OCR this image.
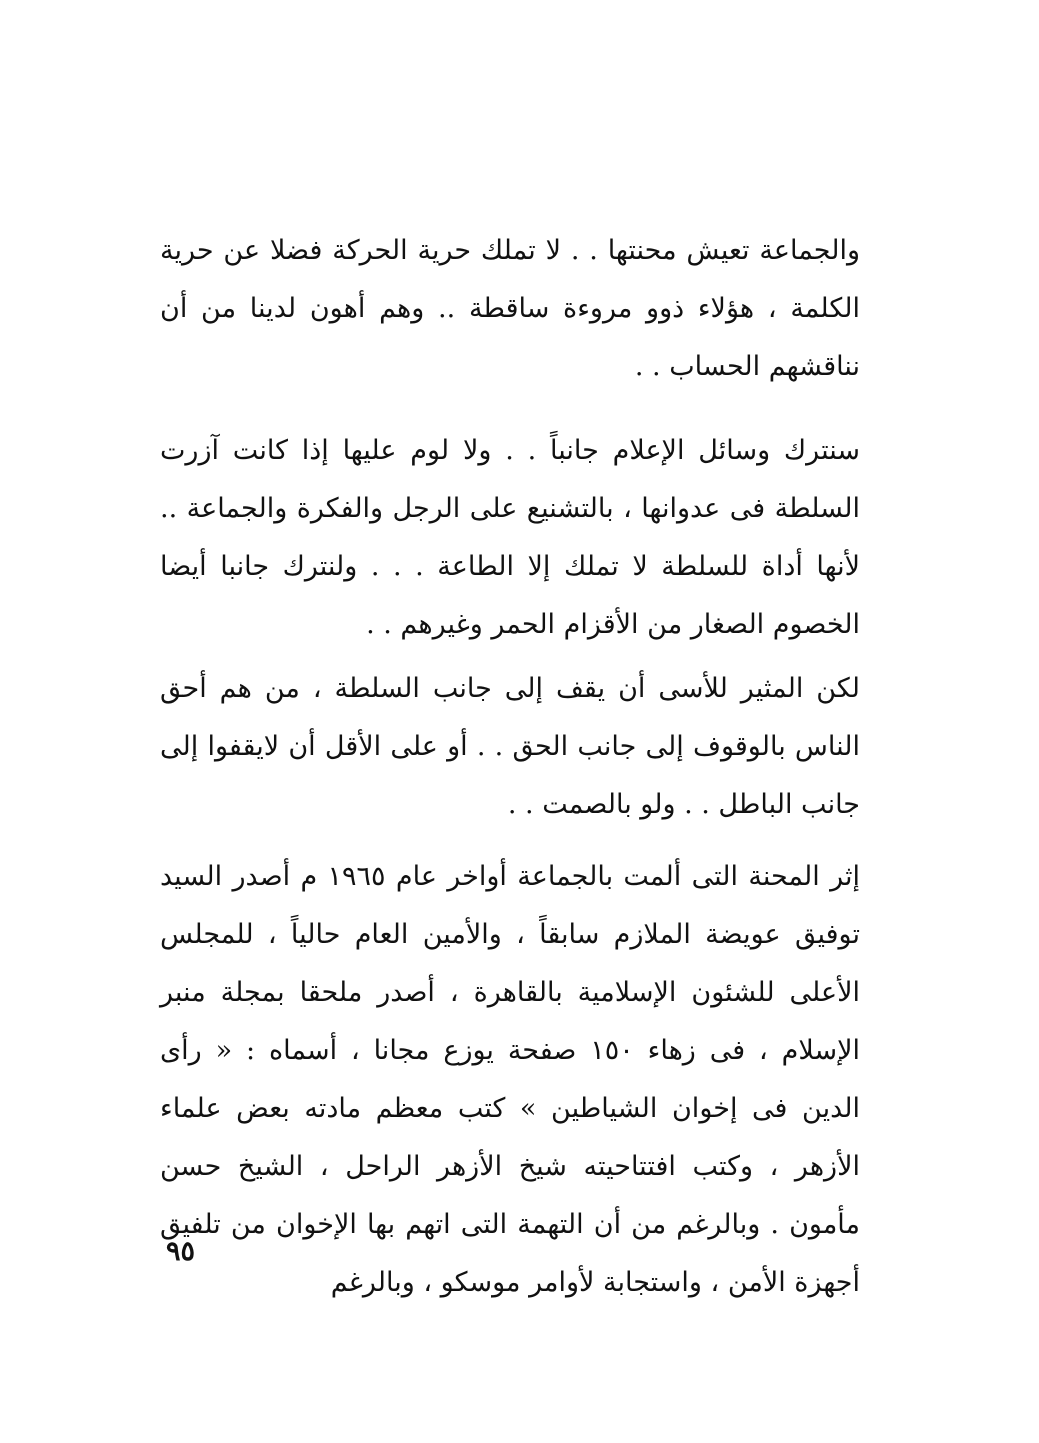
والجماعة تعيش محنتها . . لا تملك حرية الحركة فضلا عن حرية الكلمة ، هؤلاء ذوو مروءة ساقطة .. وهم أهون لدينا من أن نناقشهم الحساب . .

سنترك وسائل الإعلام جانباً . . ولا لوم عليها إذا كانت آزرت السلطة فى عدوانها ، بالتشنيع على الرجل والفكرة والجماعة .. لأنها أداة للسلطة لا تملك إلا الطاعة . . . ولنترك جانبا أيضا الخصوم الصغار من الأقزام الحمر وغيرهم . .

لكن المثير للأسى أن يقف إلى جانب السلطة ، من هم أحق الناس بالوقوف إلى جانب الحق . . أو على الأقل أن لايقفوا إلى جانب الباطل . . ولو بالصمت . .

إثر المحنة التى ألمت بالجماعة أواخر عام ١٩٦٥ م أصدر السيد توفيق عويضة الملازم سابقاً ، والأمين العام حالياً ، للمجلس الأعلى للشئون الإسلامية بالقاهرة ، أصدر ملحقا بمجلة منبر الإسلام ، فى زهاء ١٥٠ صفحة يوزع مجانا ، أسماه : « رأى الدين فى إخوان الشياطين » كتب معظم مادته بعض علماء الأزهر ، وكتب افتتاحيته شيخ الأزهر الراحل ، الشيخ حسن مأمون . وبالرغم من أن التهمة التى اتهم بها الإخوان من تلفيق أجهزة الأمن ، واستجابة لأوامر موسكو ، وبالرغم

٩٥
